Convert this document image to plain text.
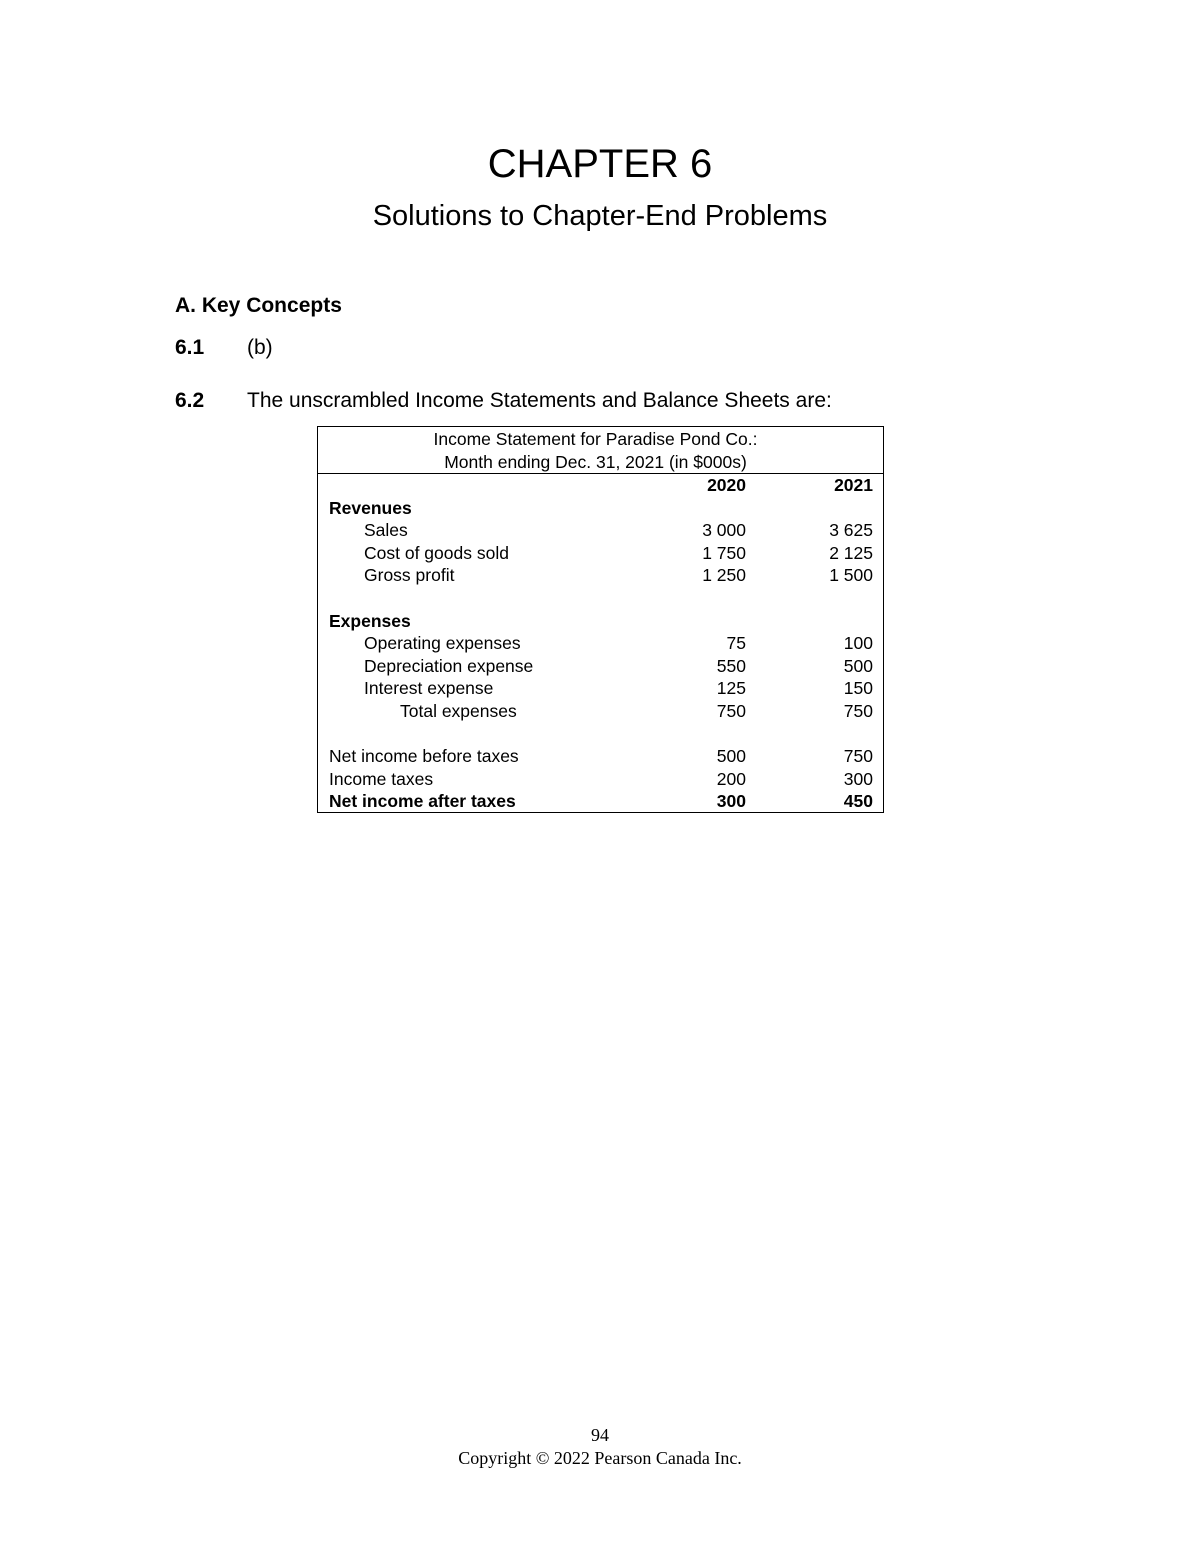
CHAPTER 6
Solutions to Chapter-End Problems
A. Key Concepts
6.1 (b)
6.2 The unscrambled Income Statements and Balance Sheets are:
Income Statement for Paradise Pond Co.:
Month ending Dec. 31, 2021 (in $000s)
2020	2021
Revenues
Sales	3 000	3 625
Cost of goods sold	1 750	2 125
Gross profit	1 250	1 500
Expenses
Operating expenses	75	100
Depreciation expense	550	500
Interest expense	125	150
Total expenses	750	750
Net income before taxes	500	750
Income taxes	200	300
Net income after taxes	300	450
94
Copyright © 2022 Pearson Canada Inc.
